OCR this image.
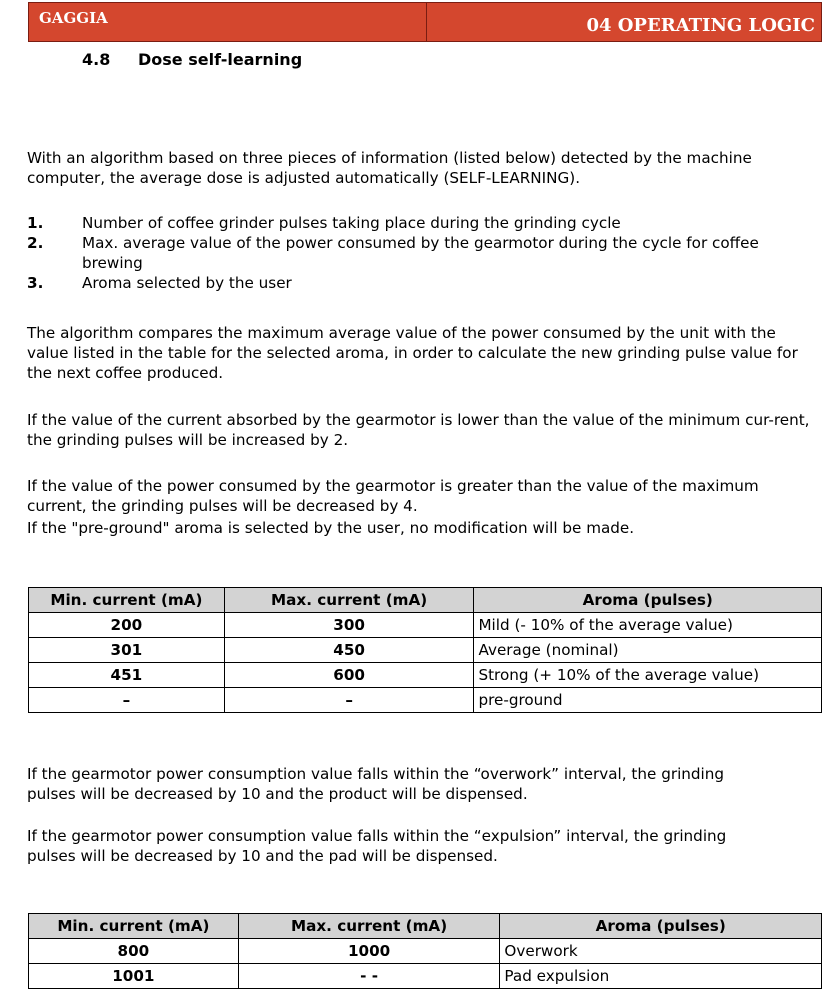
GAGGIA	04 OPERATING LOGIC
4.8 Dose self-learning
With an algorithm based on three pieces of information (listed below) detected by the machine computer, the average dose is adjusted automatically (SELF-LEARNING).
1.	Number of coffee grinder pulses taking place during the grinding cycle
2.	Max. average value of the power consumed by the gearmotor during the cycle for coffee brewing
3.	Aroma selected by the user
The algorithm compares the maximum average value of the power consumed by the unit with the value listed in the table for the selected aroma, in order to calculate the new grinding pulse value for the next coffee produced.
If the value of the current absorbed by the gearmotor is lower than the value of the minimum cur-rent, the grinding pulses will be increased by 2.
If the value of the power consumed by the gearmotor is greater than the value of the maximum current, the grinding pulses will be decreased by 4.
If the "pre-ground" aroma is selected by the user, no modification will be made.
Min. current (mA)	Max. current (mA)	Aroma (pulses)
200	300	Mild (- 10% of the average value)
301	450	Average (nominal)
451	600	Strong (+ 10% of the average value)
–	–	pre-ground
If the gearmotor power consumption value falls within the “overwork” interval, the grinding pulses will be decreased by 10 and the product will be dispensed.
If the gearmotor power consumption value falls within the “expulsion” interval, the grinding pulses will be decreased by 10 and the pad will be dispensed.
Min. current (mA)	Max. current (mA)	Aroma (pulses)
800	1000	Overwork
1001	- -	Pad expulsion
